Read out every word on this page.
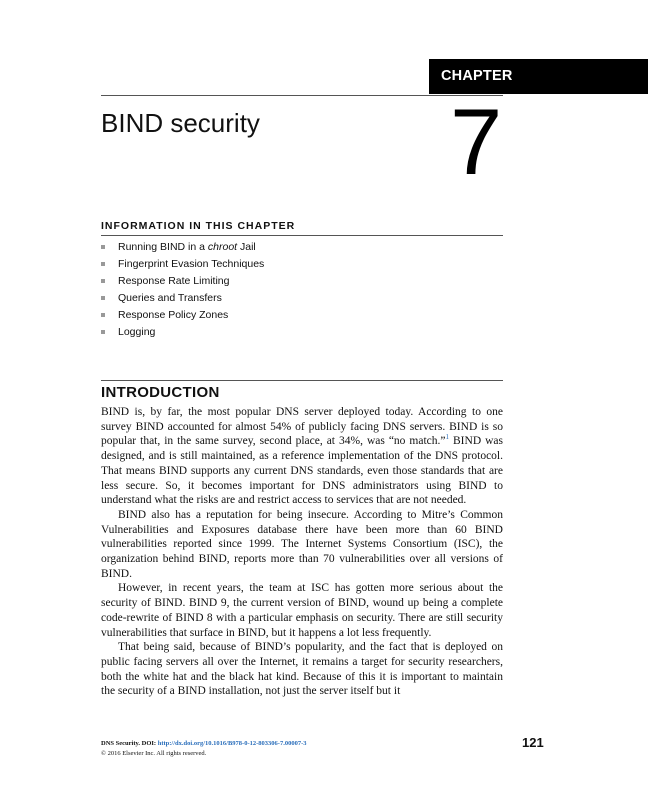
CHAPTER
BIND security 7
INFORMATION IN THIS CHAPTER
Running BIND in a chroot Jail
Fingerprint Evasion Techniques
Response Rate Limiting
Queries and Transfers
Response Policy Zones
Logging
INTRODUCTION

BIND is, by far, the most popular DNS server deployed today. According to one survey BIND accounted for almost 54% of publicly facing DNS servers. BIND is so popular that, in the same survey, second place, at 34%, was “no match.”$^1$ BIND was designed, and is still maintained, as a reference implementation of the DNS protocol. That means BIND supports any current DNS standards, even those standards that are less secure. So, it becomes important for DNS administrators using BIND to understand what the risks are and restrict access to services that are not needed.

BIND also has a reputation for being insecure. According to Mitre’s Common Vulnerabilities and Exposures database there have been more than 60 BIND vulnerabilities reported since 1999. The Internet Systems Consortium (ISC), the organization behind BIND, reports more than 70 vulnerabilities over all versions of BIND.

However, in recent years, the team at ISC has gotten more serious about the security of BIND. BIND 9, the current version of BIND, wound up being a complete code-rewrite of BIND 8 with a particular emphasis on security. There are still security vulnerabilities that surface in BIND, but it happens a lot less frequently.

That being said, because of BIND’s popularity, and the fact that is deployed on public facing servers all over the Internet, it remains a target for security researchers, both the white hat and the black hat kind. Because of this it is important to maintain the security of a BIND installation, not just the server itself but it

DNS Security. DOI: http://dx.doi.org/10.1016/B978-0-12-803306-7.00007-3
© 2016 Elsevier Inc. All rights reserved.
121
